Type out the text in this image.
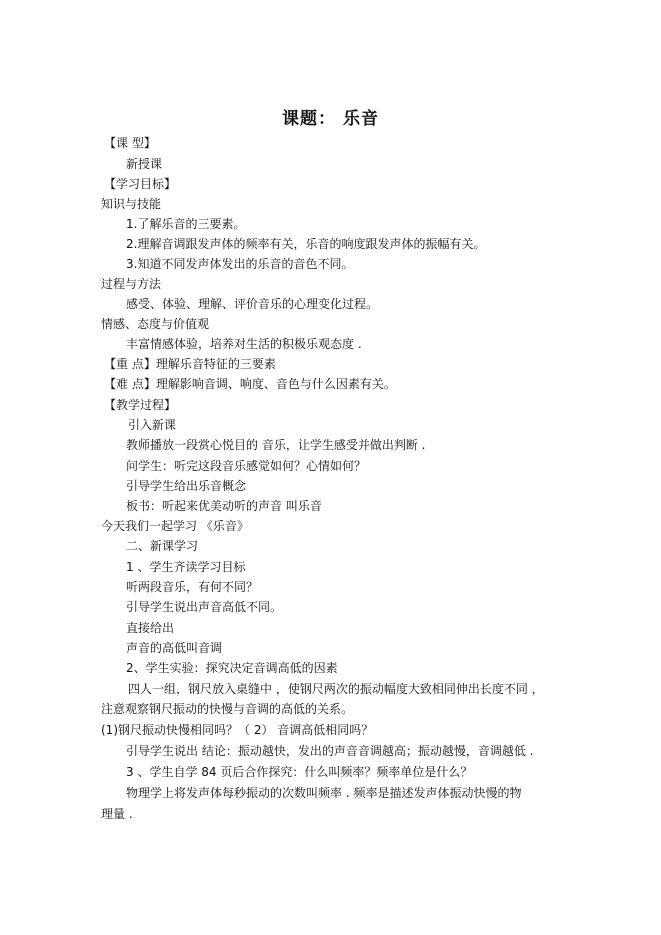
课题： 乐音
【课 型】
新授课
【学习目标】
知识与技能
1.了解乐音的三要素。
2.理解音调跟发声体的频率有关，乐音的响度跟发声体的振幅有关。
3.知道不同发声体发出的乐音的音色不同。
过程与方法
感受、体验、理解、评价音乐的心理变化过程。
情感、态度与价值观
丰富情感体验，培养对生活的积极乐观态度 .
【重 点】理解乐音特征的三要素
【难 点】理解影响音调、响度、音色与什么因素有关。
【教学过程】
引入新课
教师播放一段赏心悦目的 音乐，让学生感受并做出判断 .
问学生：听完这段音乐感觉如何？心情如何？
引导学生给出乐音概念
板书：听起来优美动听的声音 叫乐音
今天我们一起学习 《乐音》
二、新课学习
1 、学生齐读学习目标
听两段音乐，有何不同？
引导学生说出声音高低不同。
直接给出
声音的高低叫音调
2、学生实验：探究决定音调高低的因素
四人一组，钢尺放入桌缝中 ，使钢尺两次的振动幅度大致相同伸出长度不同 ，
注意观察钢尺振动的快慢与音调的高低的关系。
(1)钢尺振动快慢相同吗？（ 2） 音调高低相同吗？
引导学生说出 结论：振动越快，发出的声音音调越高；振动越慢，音调越低 .
3 、学生自学 84 页后合作探究：什么叫频率？频率单位是什么？
物理学上将发声体每秒振动的次数叫频率 . 频率是描述发声体振动快慢的物
理量 .
